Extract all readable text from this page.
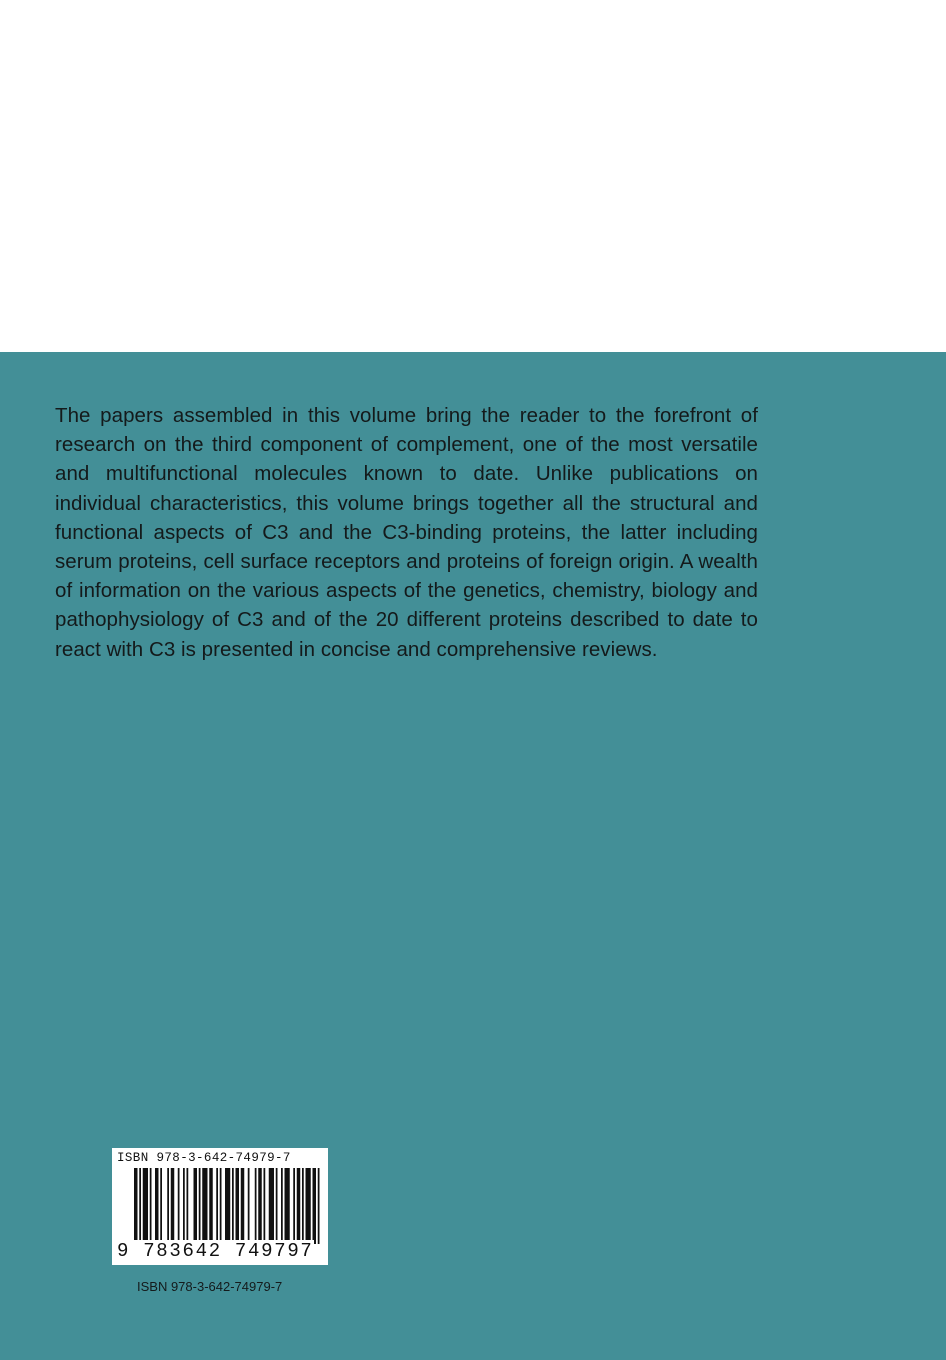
The papers assembled in this volume bring the reader to the forefront of research on the third component of complement, one of the most versatile and multifunctional molecules known to date. Unlike publications on individual characteristics, this volume brings together all the structural and functional aspects of C3 and the C3-binding proteins, the latter including serum proteins, cell surface receptors and proteins of foreign origin. A wealth of information on the various aspects of the genetics, chemistry, biology and pathophysiology of C3 and of the 20 different proteins described to date to react with C3 is presented in concise and comprehensive reviews.

ISBN 978-3-642-74979-7
9 783642 749797
ISBN 978-3-642-74979-7
